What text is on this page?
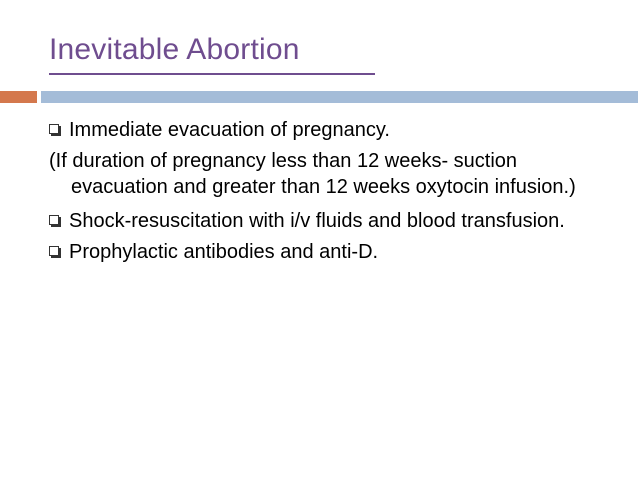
Inevitable Abortion

Immediate evacuation of pregnancy.

(If duration of pregnancy less than 12 weeks- suction evacuation and greater than 12 weeks oxytocin infusion.)

Shock-resuscitation with i/v fluids and blood transfusion.

Prophylactic antibodies and anti-D.
